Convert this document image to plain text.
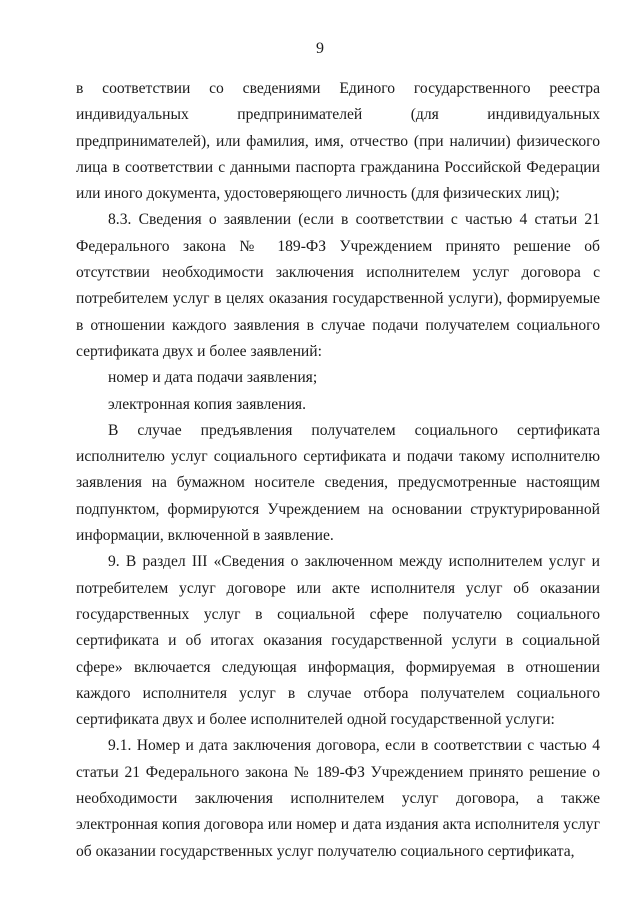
9

в соответствии со сведениями Единого государственного реестра индивидуальных предпринимателей (для индивидуальных предпринимателей), или фамилия, имя, отчество (при наличии) физического лица в соответствии с данными паспорта гражданина Российской Федерации или иного документа, удостоверяющего личность (для физических лиц);

8.3. Сведения о заявлении (если в соответствии с частью 4 статьи 21 Федерального закона № 189-ФЗ Учреждением принято решение об отсутствии необходимости заключения исполнителем услуг договора с потребителем услуг в целях оказания государственной услуги), формируемые в отношении каждого заявления в случае подачи получателем социального сертификата двух и более заявлений:

номер и дата подачи заявления;

электронная копия заявления.

В случае предъявления получателем социального сертификата исполнителю услуг социального сертификата и подачи такому исполнителю заявления на бумажном носителе сведения, предусмотренные настоящим подпунктом, формируются Учреждением на основании структурированной информации, включенной в заявление.

9. В раздел III «Сведения о заключенном между исполнителем услуг и потребителем услуг договоре или акте исполнителя услуг об оказании государственных услуг в социальной сфере получателю социального сертификата и об итогах оказания государственной услуги в социальной сфере» включается следующая информация, формируемая в отношении каждого исполнителя услуг в случае отбора получателем социального сертификата двух и более исполнителей одной государственной услуги:

9.1. Номер и дата заключения договора, если в соответствии с частью 4 статьи 21 Федерального закона № 189-ФЗ Учреждением принято решение о необходимости заключения исполнителем услуг договора, а также электронная копия договора или номер и дата издания акта исполнителя услуг об оказании государственных услуг получателю социального сертификата,
